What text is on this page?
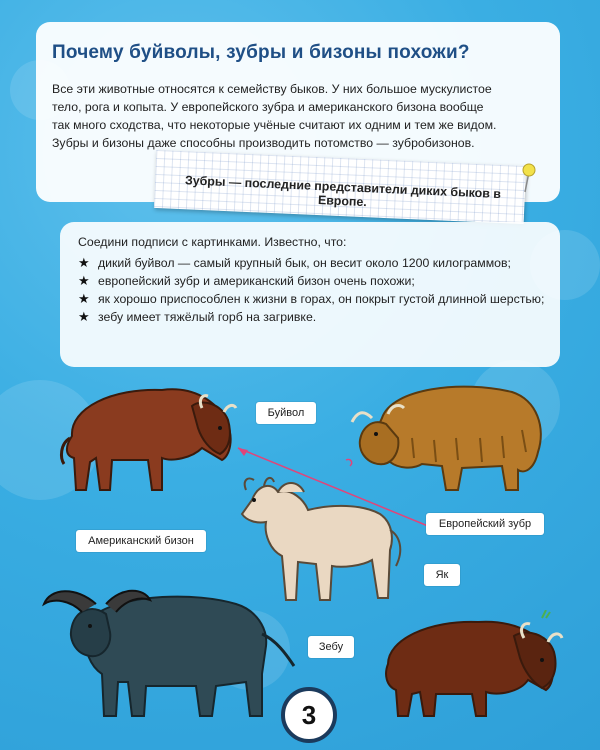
Почему буйволы, зубры и бизоны похожи?
Все эти животные относятся к семейству быков. У них большое мускулистое
тело, рога и копыта. У европейского зубра и американского бизона вообще
так много сходства, что некоторые учёные считают их одним и тем же видом.
Зубры и бизоны даже способны производить потомство — зубробизонов.
Зубры — последние представители диких быков в Европе.
Соедини подписи с картинками. Известно, что:
★ дикий буйвол — самый крупный бык, он весит около 1200 килограммов;
★ европейский зубр и американский бизон очень похожи;
★ як хорошо приспособлен к жизни в горах, он покрыт густой длинной шерстью;
★ зебу имеет тяжёлый горб на загривке.
Буйвол
Европейский зубр
Американский бизон
Як
Зебу
3
